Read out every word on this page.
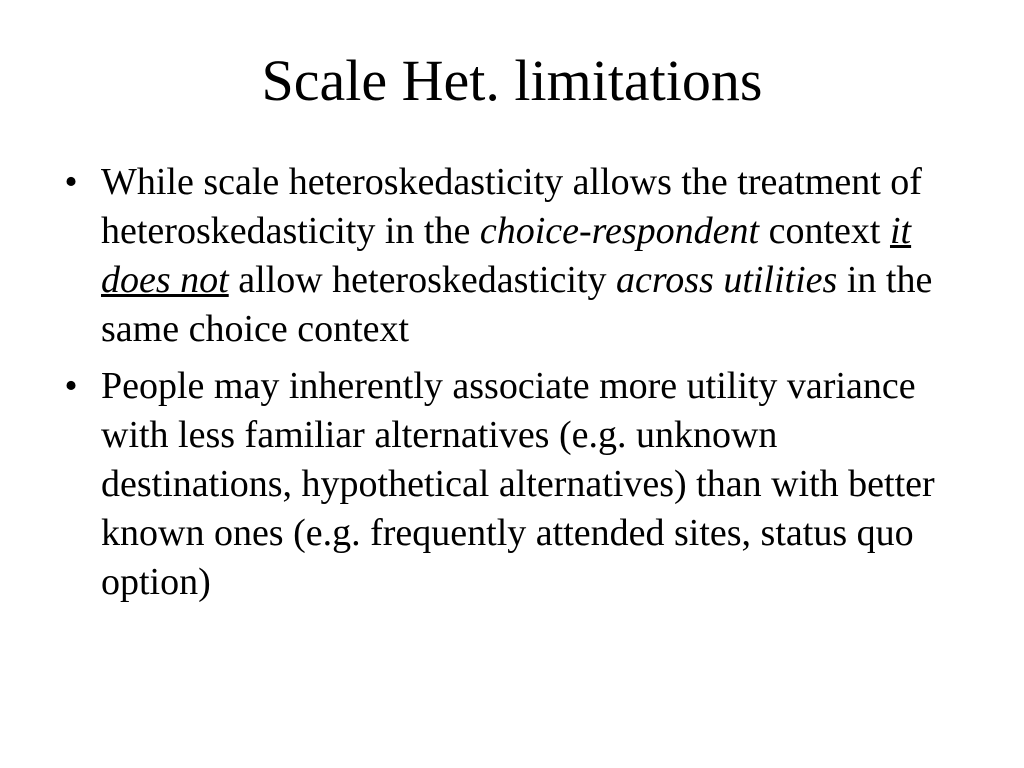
Scale Het. limitations
• While scale heteroskedasticity allows the treatment of heteroskedasticity in the choice-respondent context it does not allow heteroskedasticity across utilities in the same choice context
• People may inherently associate more utility variance with less familiar alternatives (e.g. unknown destinations, hypothetical alternatives) than with better known ones (e.g. frequently attended sites, status quo option)
